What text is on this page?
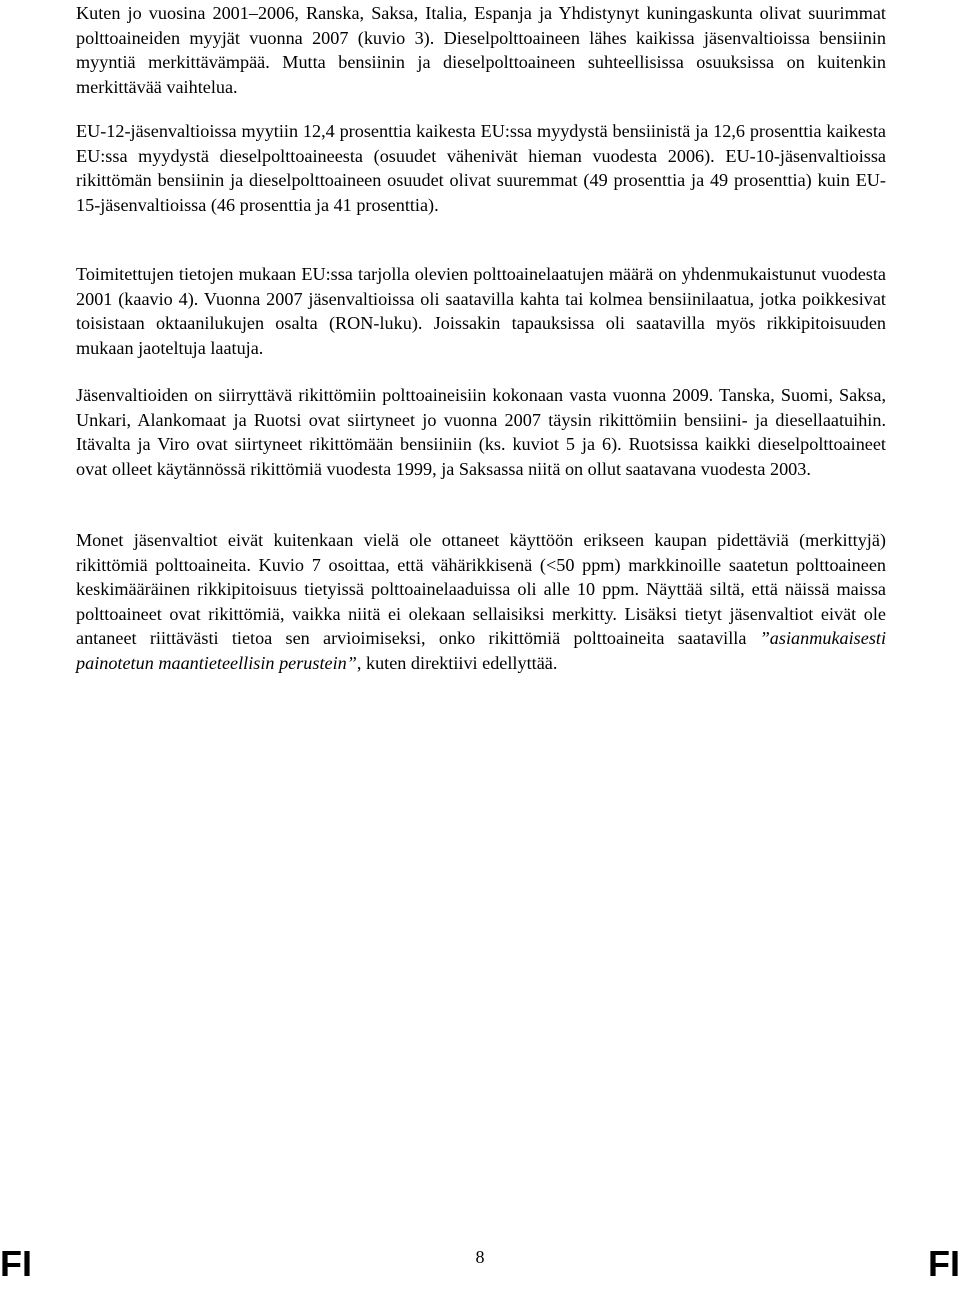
Kuten jo vuosina 2001–2006, Ranska, Saksa, Italia, Espanja ja Yhdistynyt kuningaskunta olivat suurimmat polttoaineiden myyjät vuonna 2007 (kuvio 3). Dieselpolttoaineen lähes kaikissa jäsenvaltioissa bensiinin myyntiä merkittävämpää. Mutta bensiinin ja dieselpolttoaineen suhteellisissa osuuksissa on kuitenkin merkittävää vaihtelua.

EU-12-jäsenvaltioissa myytiin 12,4 prosenttia kaikesta EU:ssa myydystä bensiinistä ja 12,6 prosenttia kaikesta EU:ssa myydystä dieselpolttoaineesta (osuudet vähenivät hieman vuodesta 2006). EU-10-jäsenvaltioissa rikittömän bensiinin ja dieselpolttoaineen osuudet olivat suuremmat (49 prosenttia ja 49 prosenttia) kuin EU-15-jäsenvaltioissa (46 prosenttia ja 41 prosenttia).

Toimitettujen tietojen mukaan EU:ssa tarjolla olevien polttoainelaatujen määrä on yhdenmukaistunut vuodesta 2001 (kaavio 4). Vuonna 2007 jäsenvaltioissa oli saatavilla kahta tai kolmea bensiinilaatua, jotka poikkesivat toisistaan oktaanilukujen osalta (RON-luku). Joissakin tapauksissa oli saatavilla myös rikkipitoisuuden mukaan jaoteltuja laatuja.

Jäsenvaltioiden on siirryttävä rikittömiin polttoaineisiin kokonaan vasta vuonna 2009. Tanska, Suomi, Saksa, Unkari, Alankomaat ja Ruotsi ovat siirtyneet jo vuonna 2007 täysin rikittömiin bensiini- ja diesellaatuihin. Itävalta ja Viro ovat siirtyneet rikittömään bensiiniin (ks. kuviot 5 ja 6). Ruotsissa kaikki dieselpolttoaineet ovat olleet käytännössä rikittömiä vuodesta 1999, ja Saksassa niitä on ollut saatavana vuodesta 2003.

Monet jäsenvaltiot eivät kuitenkaan vielä ole ottaneet käyttöön erikseen kaupan pidettäviä (merkittyjä) rikittömiä polttoaineita. Kuvio 7 osoittaa, että vähärikkisenä (<50 ppm) markkinoille saatetun polttoaineen keskimääräinen rikkipitoisuus tietyissä polttoainelaaduissa oli alle 10 ppm. Näyttää siltä, että näissä maissa polttoaineet ovat rikittömiä, vaikka niitä ei olekaan sellaisiksi merkitty. Lisäksi tietyt jäsenvaltiot eivät ole antaneet riittävästi tietoa sen arvioimiseksi, onko rikittömiä polttoaineita saatavilla ”asianmukaisesti painotetun maantieteellisin perustein”, kuten direktiivi edellyttää.

FI	8	FI
